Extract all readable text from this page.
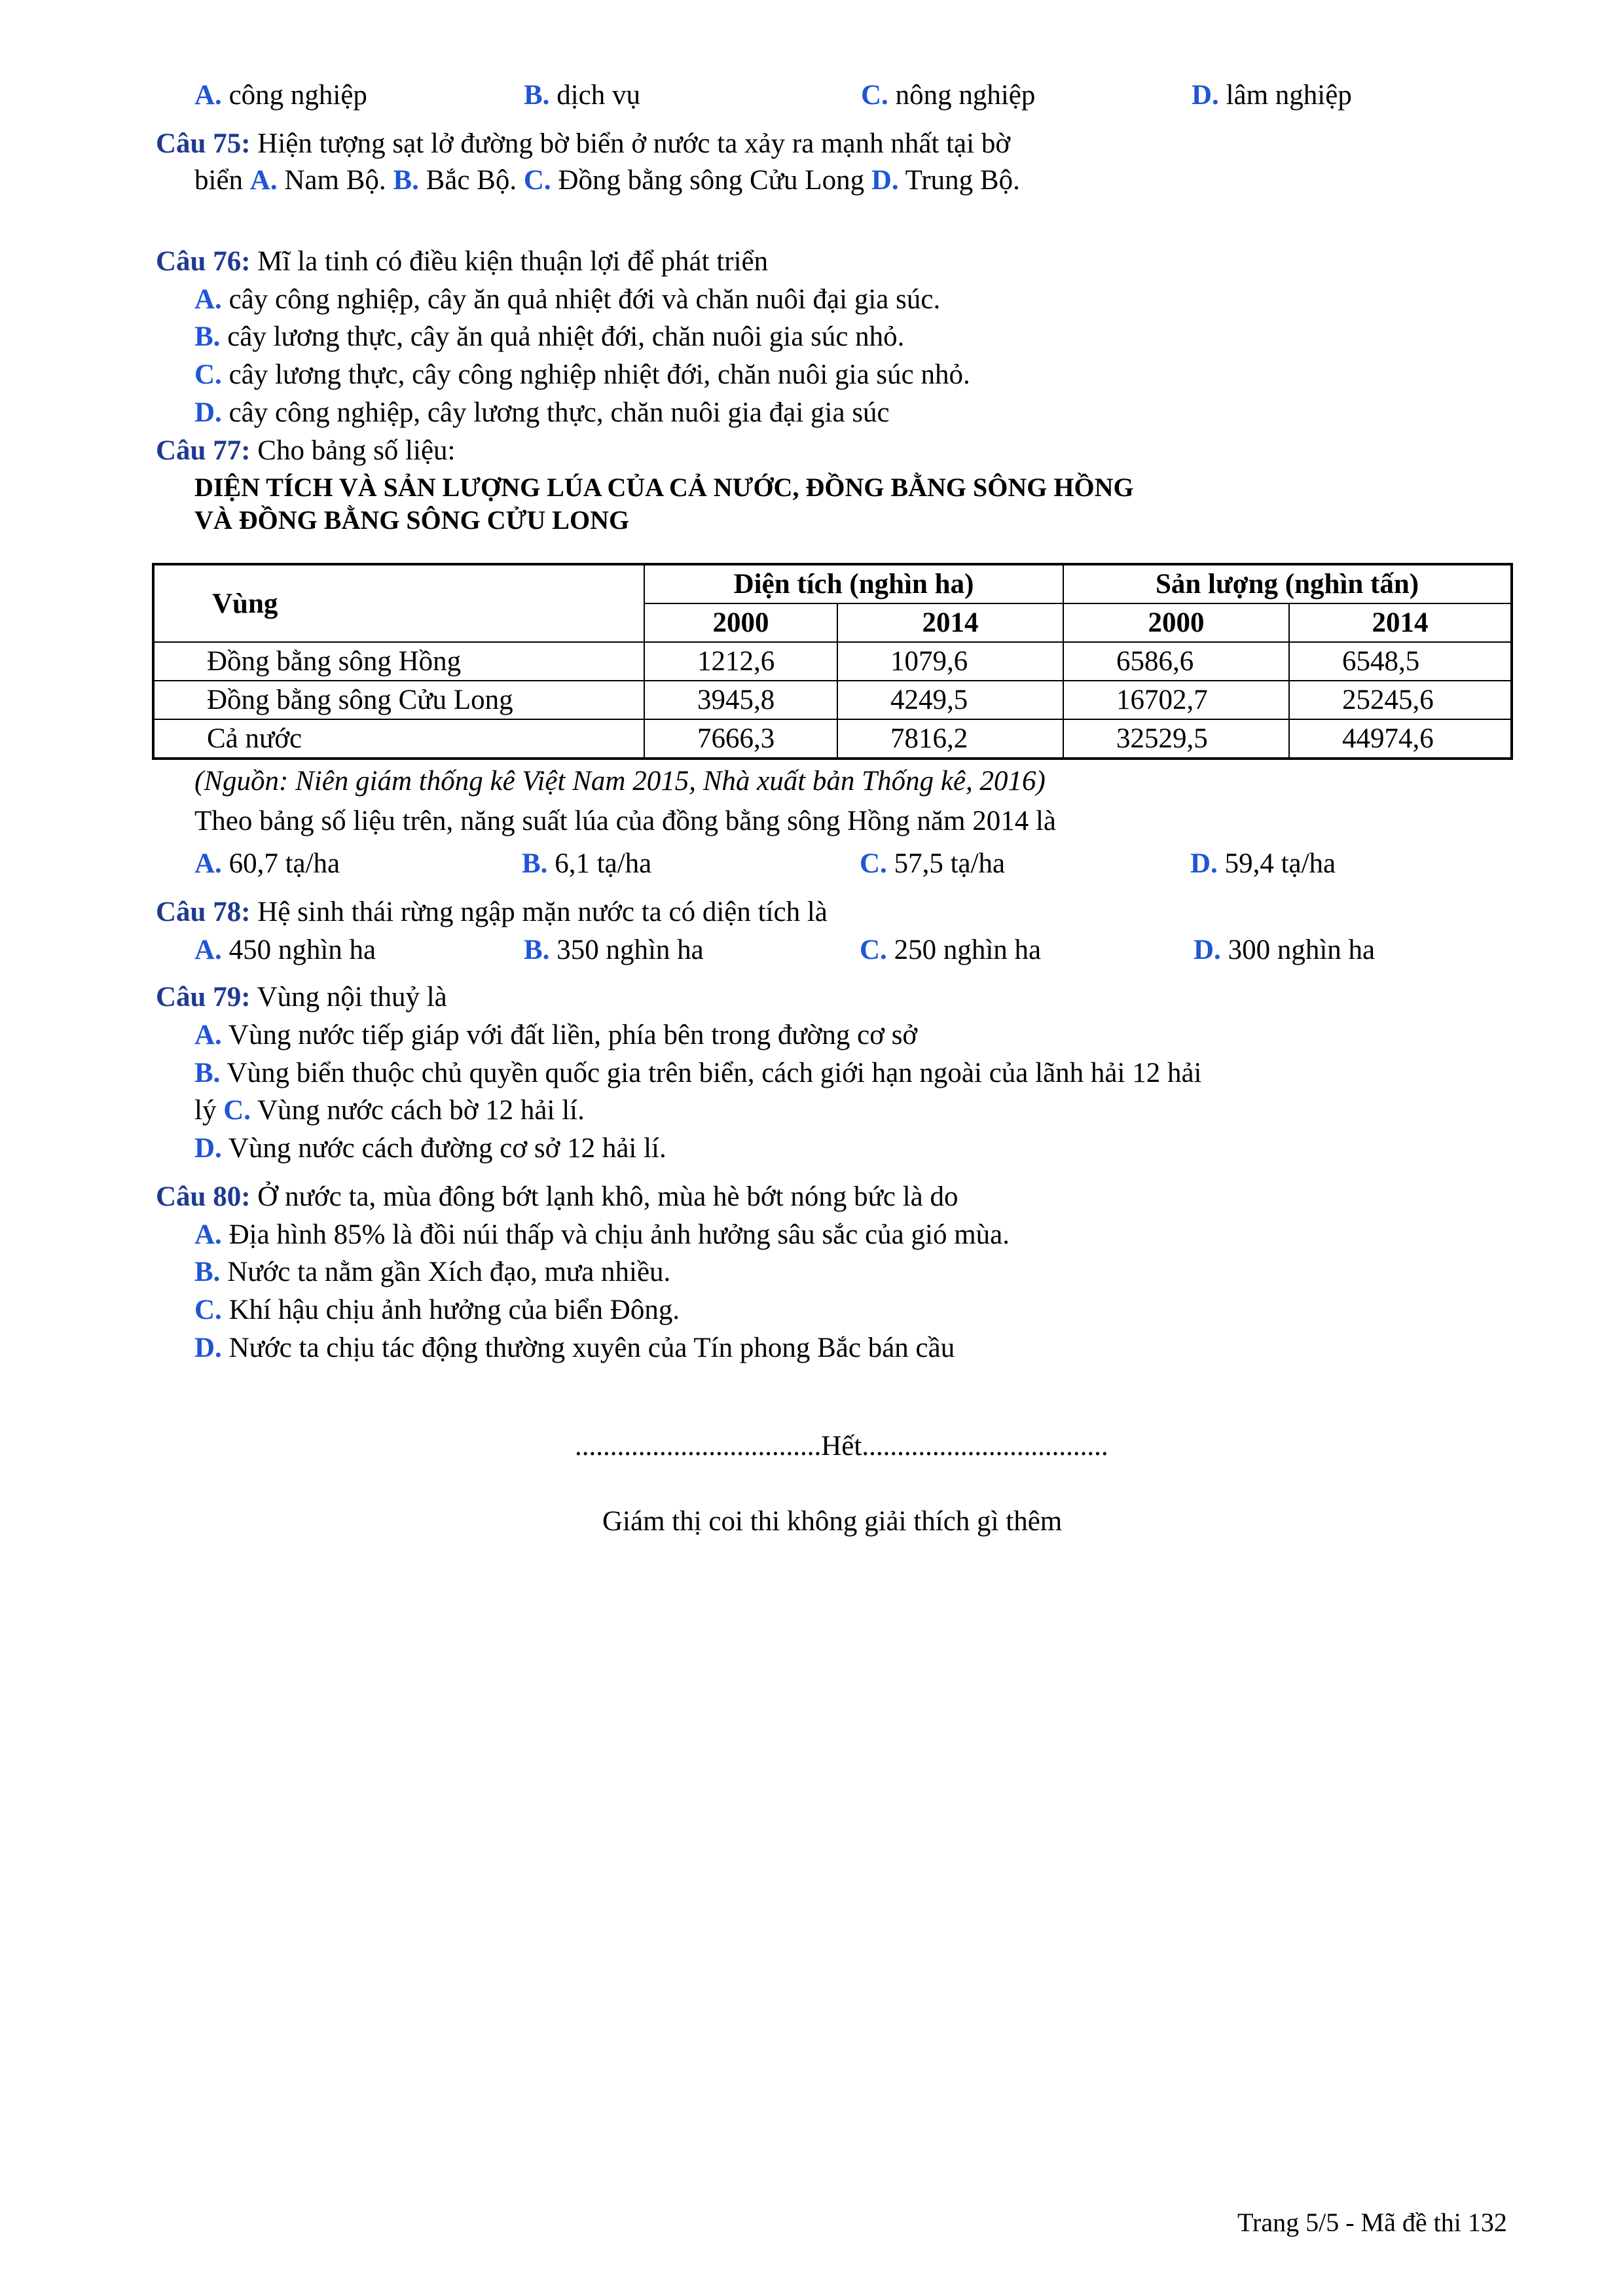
A. công nghiệp	B. dịch vụ	C. nông nghiệp	D. lâm nghiệp
Câu 75: Hiện tượng sạt lở đường bờ biển ở nước ta xảy ra mạnh nhất tại bờ
biển A. Nam Bộ. B. Bắc Bộ. C. Đồng bằng sông Cửu Long D. Trung Bộ.
Câu 76: Mĩ la tinh có điều kiện thuận lợi để phát triển
A. cây công nghiệp, cây ăn quả nhiệt đới và chăn nuôi đại gia súc.
B. cây lương thực, cây ăn quả nhiệt đới, chăn nuôi gia súc nhỏ.
C. cây lương thực, cây công nghiệp nhiệt đới, chăn nuôi gia súc nhỏ.
D. cây công nghiệp, cây lương thực, chăn nuôi gia đại gia súc
Câu 77: Cho bảng số liệu:
DIỆN TÍCH VÀ SẢN LƯỢNG LÚA CỦA CẢ NƯỚC, ĐỒNG BẰNG SÔNG HỒNG
VÀ ĐỒNG BẰNG SÔNG CỬU LONG
Vùng	Diện tích (nghìn ha)		Sản lượng (nghìn tấn)	
	2000	2014	2000	2014
Đồng bằng sông Hồng	1212,6	1079,6	6586,6	6548,5
Đồng bằng sông Cửu Long	3945,8	4249,5	16702,7	25245,6
Cả nước	7666,3	7816,2	32529,5	44974,6
(Nguồn: Niên giám thống kê Việt Nam 2015, Nhà xuất bản Thống kê, 2016)
Theo bảng số liệu trên, năng suất lúa của đồng bằng sông Hồng năm 2014 là
A. 60,7 tạ/ha	B. 6,1 tạ/ha	C. 57,5 tạ/ha	D. 59,4 tạ/ha
Câu 78: Hệ sinh thái rừng ngập mặn nước ta có diện tích là
A. 450 nghìn ha	B. 350 nghìn ha	C. 250 nghìn ha	D. 300 nghìn ha
Câu 79: Vùng nội thuỷ là
A. Vùng nước tiếp giáp với đất liền, phía bên trong đường cơ sở
B. Vùng biển thuộc chủ quyền quốc gia trên biển, cách giới hạn ngoài của lãnh hải 12 hải
lý C. Vùng nước cách bờ 12 hải lí.
D. Vùng nước cách đường cơ sở 12 hải lí.
Câu 80: Ở nước ta, mùa đông bớt lạnh khô, mùa hè bớt nóng bức là do
A. Địa hình 85% là đồi núi thấp và chịu ảnh hưởng sâu sắc của gió mùa.
B. Nước ta nằm gần Xích đạo, mưa nhiều.
C. Khí hậu chịu ảnh hưởng của biển Đông.
D. Nước ta chịu tác động thường xuyên của Tín phong Bắc bán cầu
...................................Hết...................................
Giám thị coi thi không giải thích gì thêm
Trang 5/5 - Mã đề thi 132
